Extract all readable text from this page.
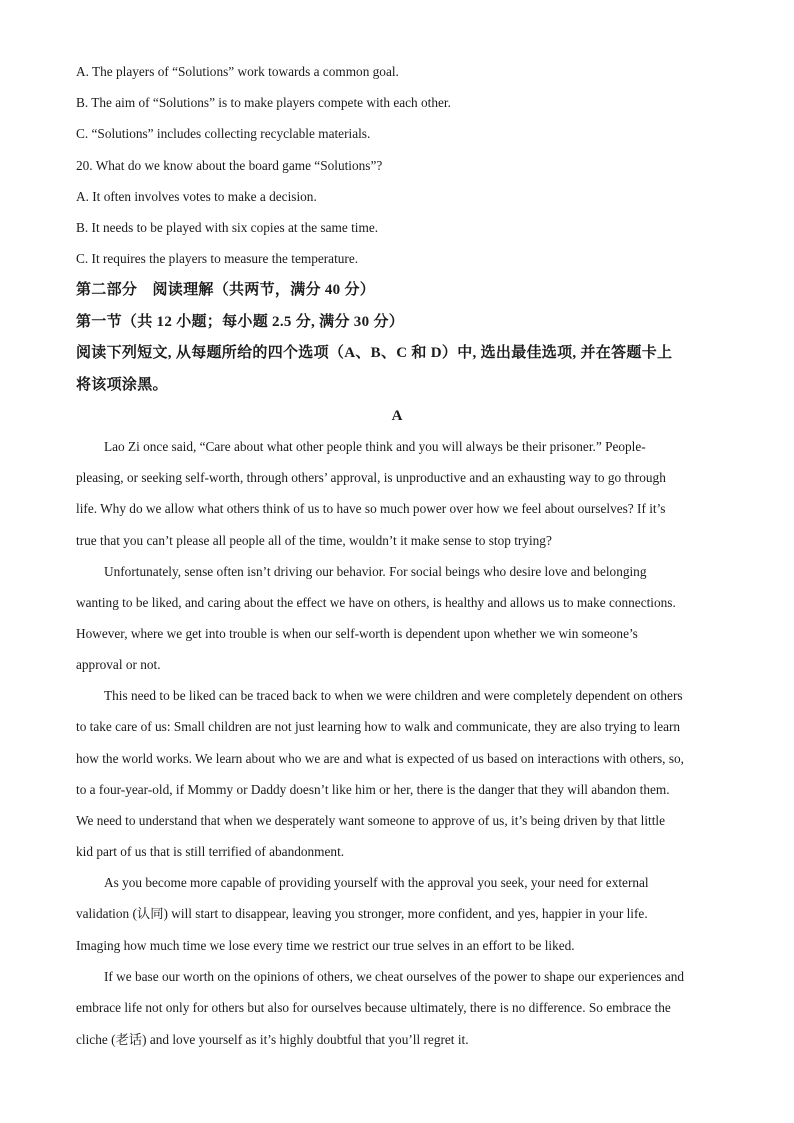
A. The players of “Solutions” work towards a common goal.
B. The aim of “Solutions” is to make players compete with each other.
C. “Solutions” includes collecting recyclable materials.
20. What do we know about the board game “Solutions”?
A. It often involves votes to make a decision.
B. It needs to be played with six copies at the same time.
C. It requires the players to measure the temperature.
第二部分　阅读理解（共两节，满分 40 分）
第一节（共 12 小题；每小题 2.5 分, 满分 30 分）
阅读下列短文, 从每题所给的四个选项（A、B、C 和 D）中, 选出最佳选项, 并在答题卡上
将该项涂黑。
A
Lao Zi once said, “Care about what other people think and you will always be their prisoner.” People-
pleasing, or seeking self-worth, through others’ approval, is unproductive and an exhausting way to go through
life. Why do we allow what others think of us to have so much power over how we feel about ourselves? If it’s
true that you can’t please all people all of the time, wouldn’t it make sense to stop trying?
Unfortunately, sense often isn’t driving our behavior. For social beings who desire love and belonging
wanting to be liked, and caring about the effect we have on others, is healthy and allows us to make connections.
However, where we get into trouble is when our self-worth is dependent upon whether we win someone’s
approval or not.
This need to be liked can be traced back to when we were children and were completely dependent on others
to take care of us: Small children are not just learning how to walk and communicate, they are also trying to learn
how the world works. We learn about who we are and what is expected of us based on interactions with others, so,
to a four-year-old, if Mommy or Daddy doesn’t like him or her, there is the danger that they will abandon them.
We need to understand that when we desperately want someone to approve of us, it’s being driven by that little
kid part of us that is still terrified of abandonment.
As you become more capable of providing yourself with the approval you seek, your need for external
validation (认同) will start to disappear, leaving you stronger, more confident, and yes, happier in your life.
Imaging how much time we lose every time we restrict our true selves in an effort to be liked.
If we base our worth on the opinions of others, we cheat ourselves of the power to shape our experiences and
embrace life not only for others but also for ourselves because ultimately, there is no difference. So embrace the
cliche (老话) and love yourself as it’s highly doubtful that you’ll regret it.
